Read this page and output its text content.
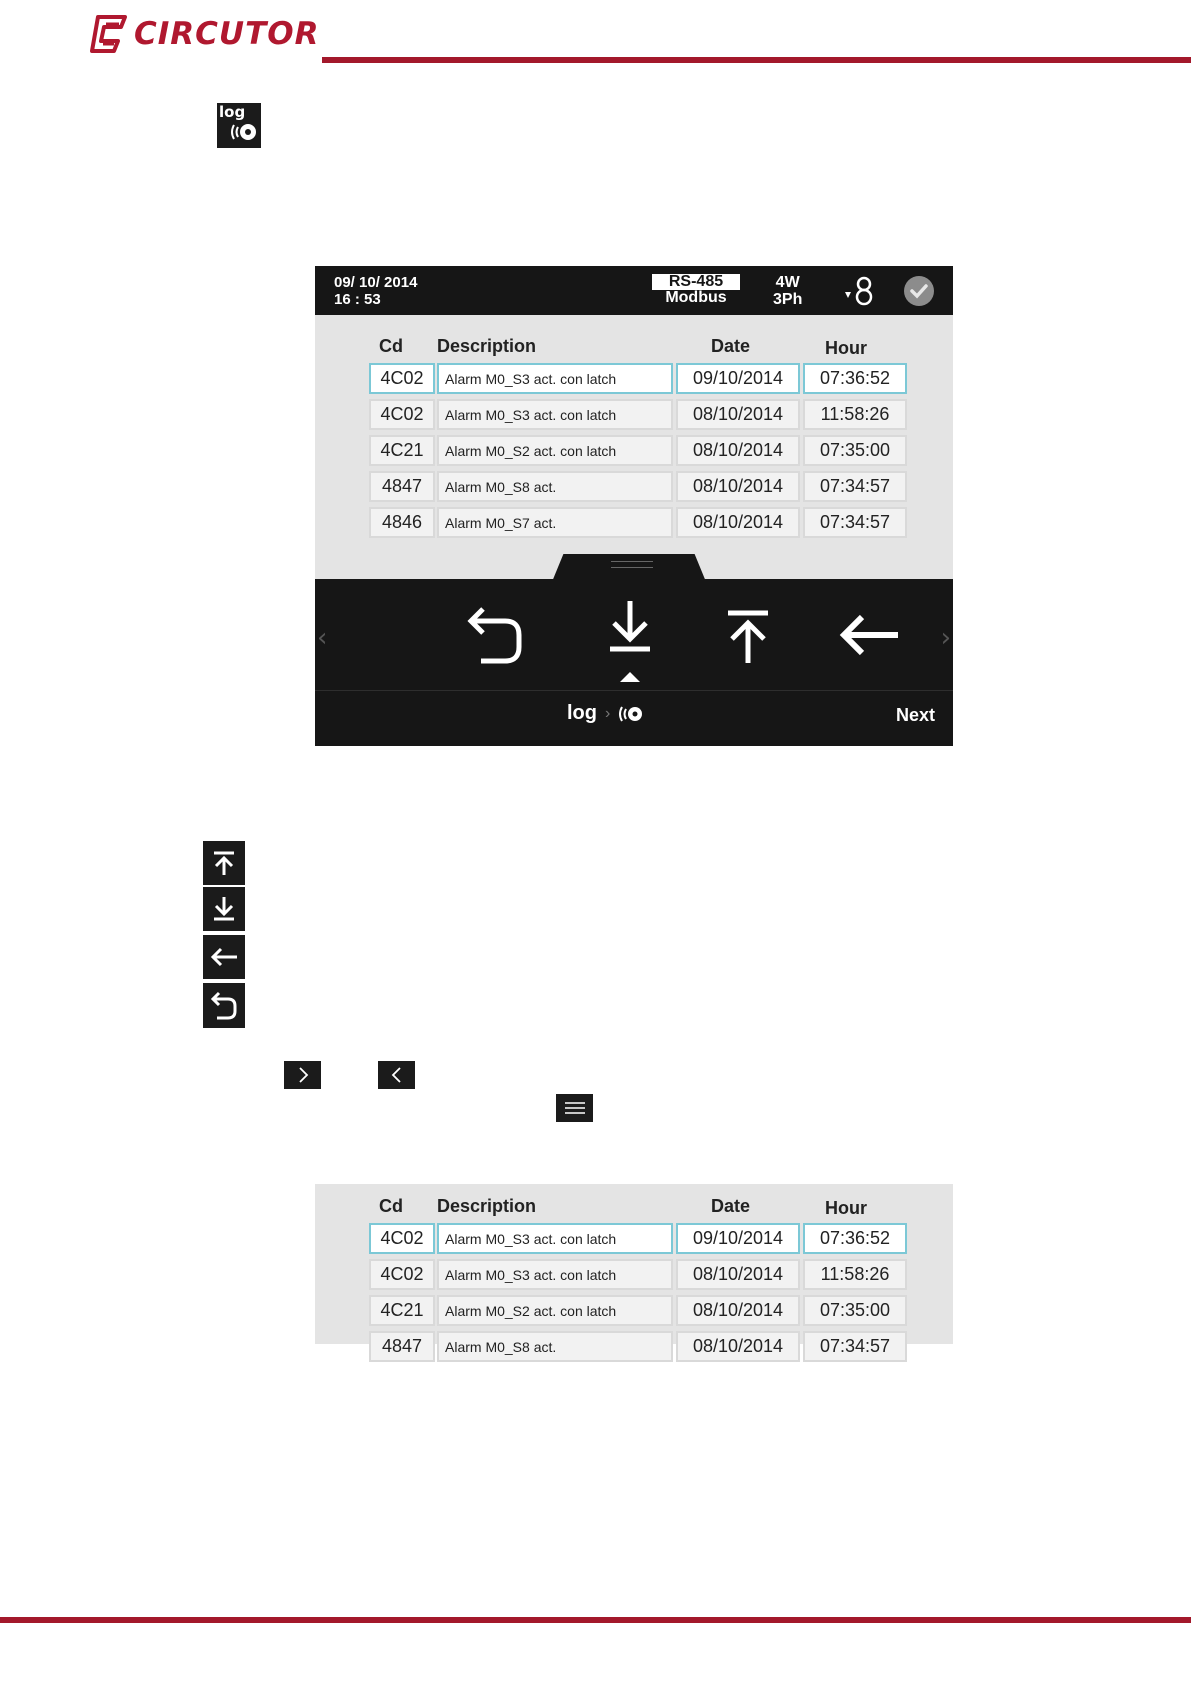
CIRCUTOR
log
09/ 10/ 2014
16 : 53
RS-485
Modbus
4W
3Ph
Cd Description	Date	Hour
4C02	Alarm M0_S3 act. con latch	09/10/2014	07:36:52
4C02	Alarm M0_S3 act. con latch	08/10/2014	11:58:26
4C21	Alarm M0_S2 act. con latch	08/10/2014	07:35:00
4847	Alarm M0_S8 act.	08/10/2014	07:34:57
4846	Alarm M0_S7 act.	08/10/2014	07:34:57
‹	›
log ›	Next
Cd Description	Date	Hour
4C02	Alarm M0_S3 act. con latch	09/10/2014	07:36:52
4C02	Alarm M0_S3 act. con latch	08/10/2014	11:58:26
4C21	Alarm M0_S2 act. con latch	08/10/2014	07:35:00
4847	Alarm M0_S8 act.	08/10/2014	07:34:57
